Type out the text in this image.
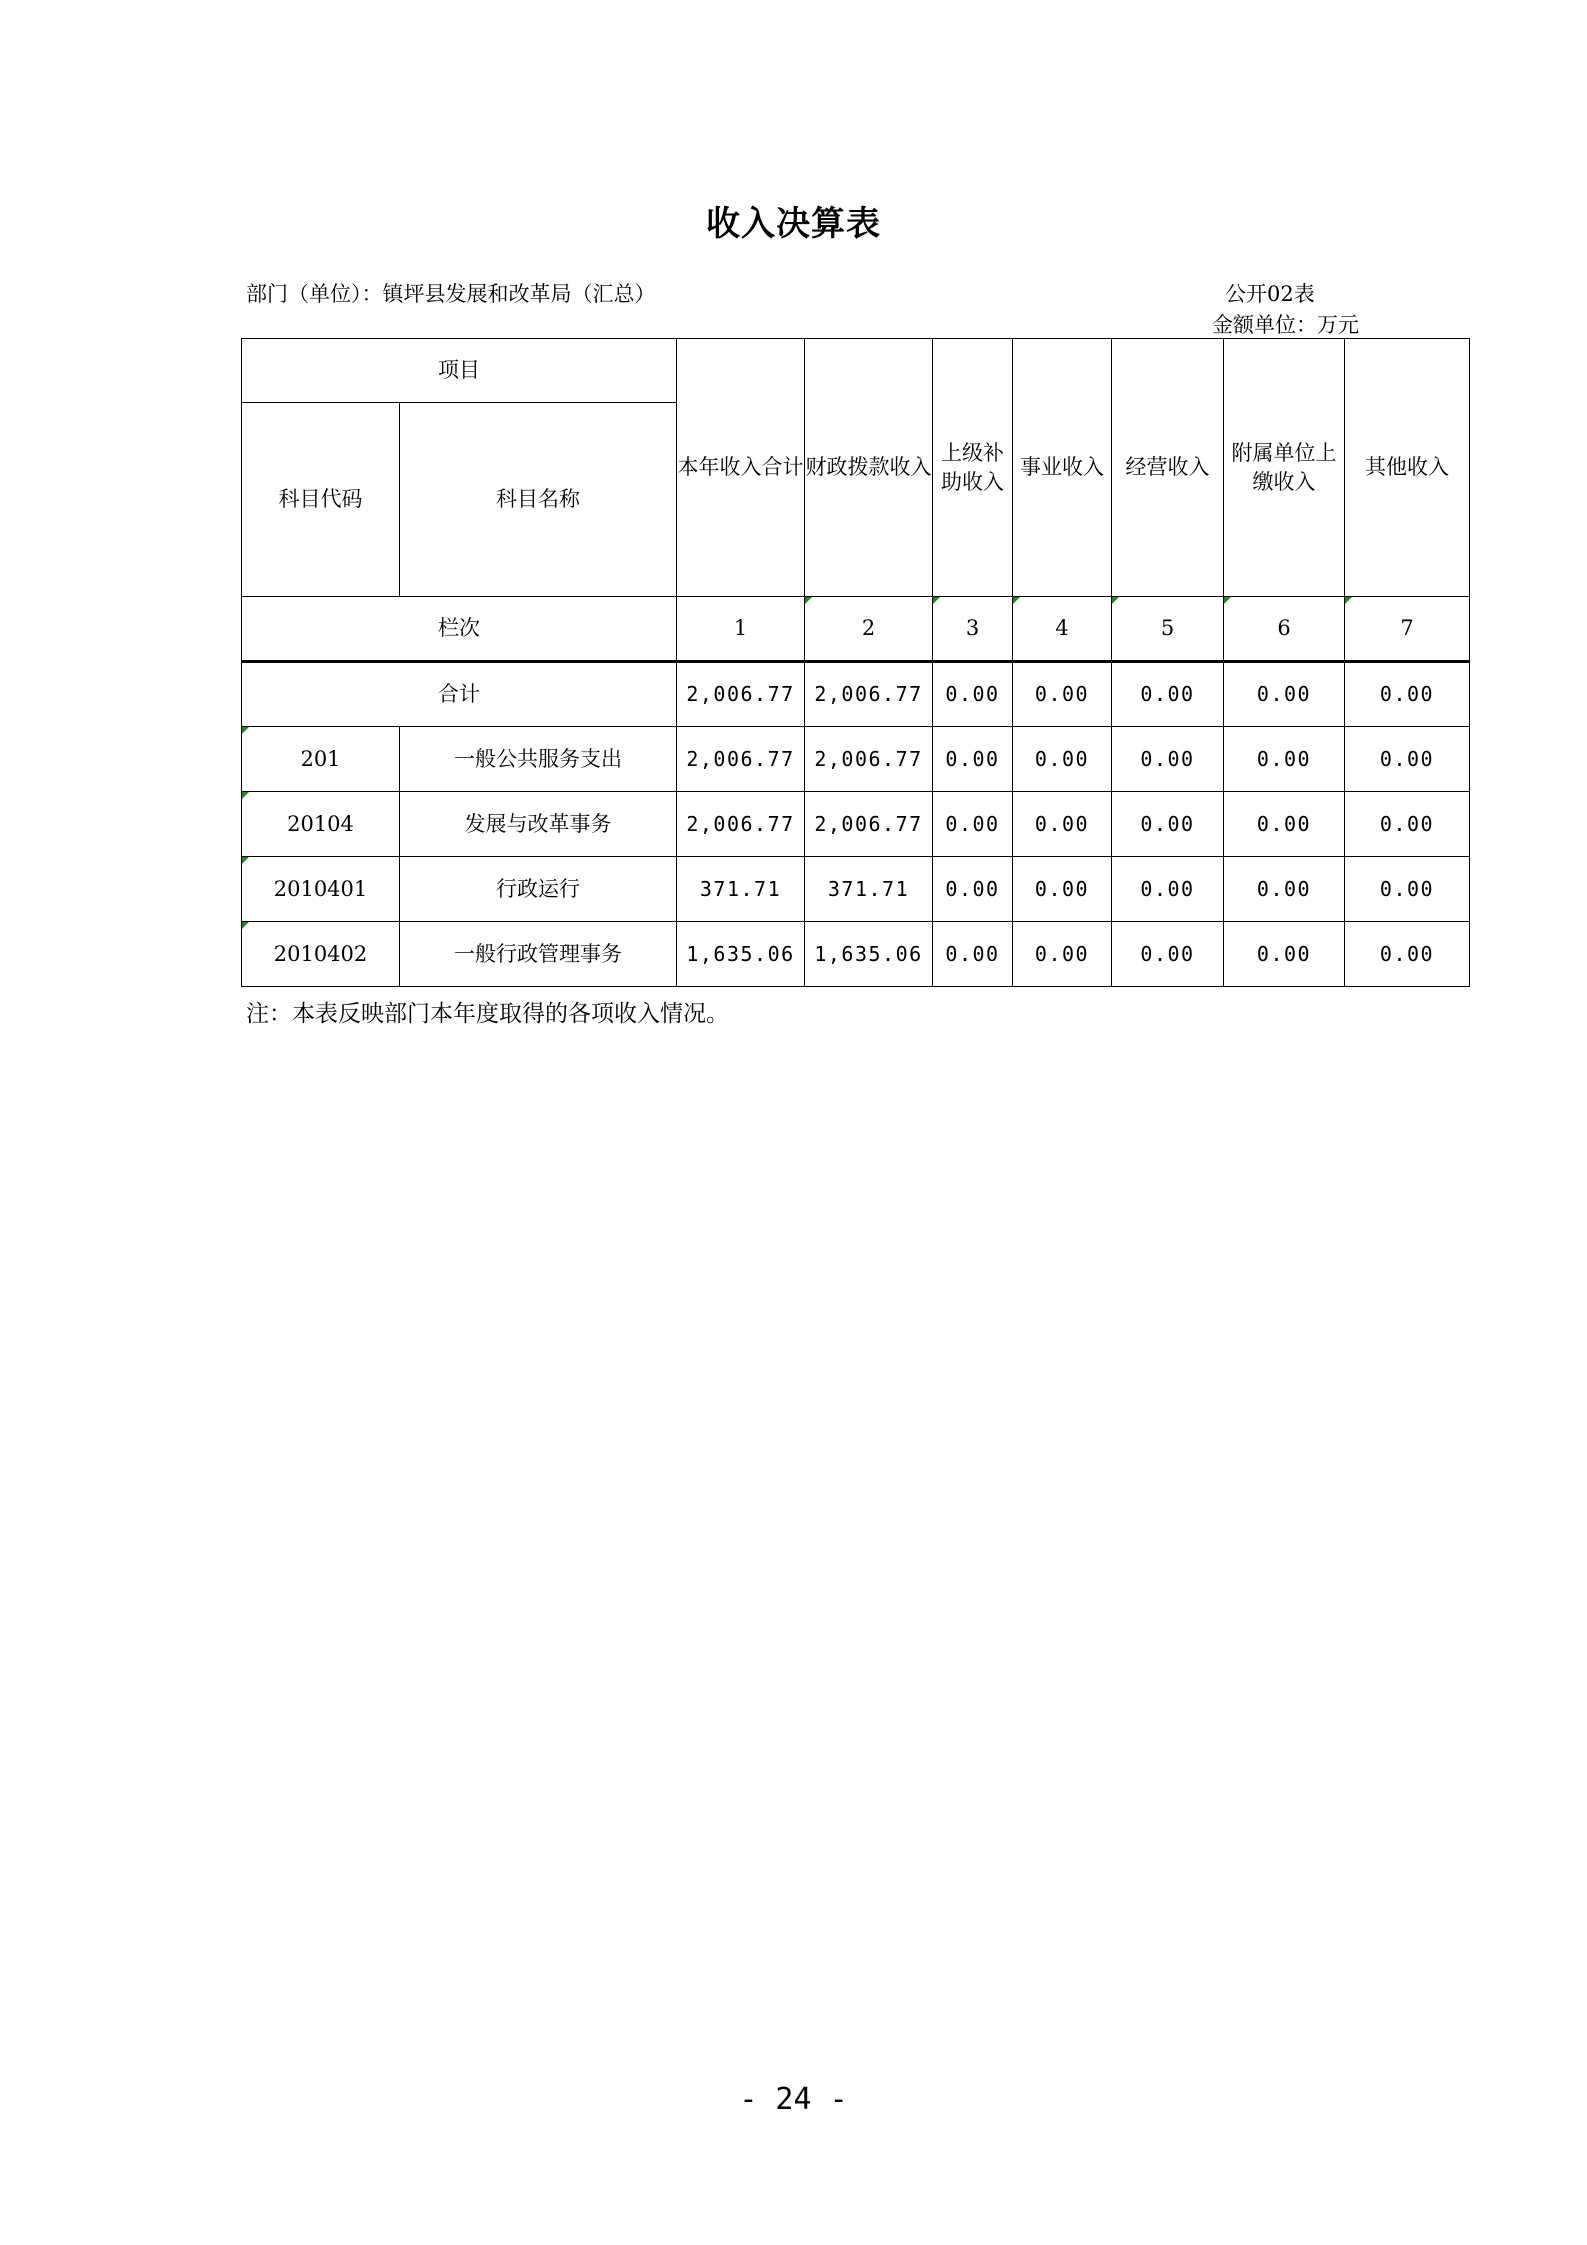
收入决算表
部门（单位）：镇坪县发展和改革局（汇总）	公开02表
金额单位：万元
项目		本年收入合计	财政拨款收入	上级补助收入	事业收入	经营收入	附属单位上缴收入	其他收入
科目代码	科目名称							
栏次		1	2	3	4	5	6	7
合计		2,006.77	2,006.77	0.00	0.00	0.00	0.00	0.00

201	一般公共服务支出	2,006.77	2,006.77	0.00	0.00	0.00	0.00	0.00

20104	发展与改革事务	2,006.77	2,006.77	0.00	0.00	0.00	0.00	0.00

2010401	行政运行	371.71	371.71	0.00	0.00	0.00	0.00	0.00

2010402	一般行政管理事务	1,635.06	1,635.06	0.00	0.00	0.00	0.00	0.00
注：本表反映部门本年度取得的各项收入情况。
- 24 -
